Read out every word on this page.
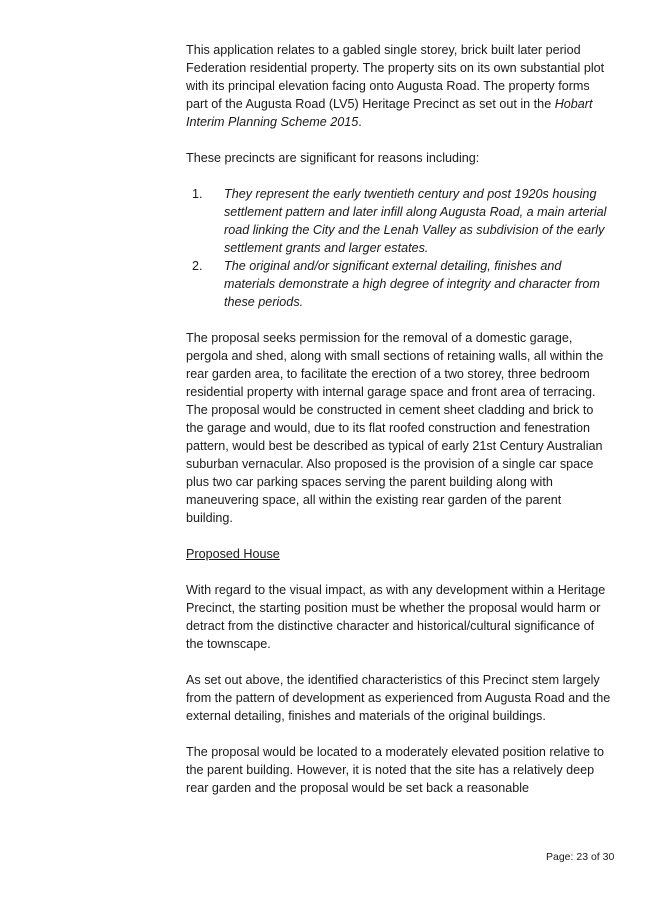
This application relates to a gabled single storey, brick built later period Federation residential property. The property sits on its own substantial plot with its principal elevation facing onto Augusta Road. The property forms part of the Augusta Road (LV5) Heritage Precinct as set out in the Hobart Interim Planning Scheme 2015.

These precincts are significant for reasons including:

1.	They represent the early twentieth century and post 1920s housing settlement pattern and later infill along Augusta Road, a main arterial road linking the City and the Lenah Valley as subdivision of the early settlement grants and larger estates.
2.	The original and/or significant external detailing, finishes and materials demonstrate a high degree of integrity and character from these periods.

The proposal seeks permission for the removal of a domestic garage, pergola and shed, along with small sections of retaining walls, all within the rear garden area, to facilitate the erection of a two storey, three bedroom residential property with internal garage space and front area of terracing. The proposal would be constructed in cement sheet cladding and brick to the garage and would, due to its flat roofed construction and fenestration pattern, would best be described as typical of early 21st Century Australian suburban vernacular. Also proposed is the provision of a single car space plus two car parking spaces serving the parent building along with maneuvering space, all within the existing rear garden of the parent building.

Proposed House

With regard to the visual impact, as with any development within a Heritage Precinct, the starting position must be whether the proposal would harm or detract from the distinctive character and historical/cultural significance of the townscape.

As set out above, the identified characteristics of this Precinct stem largely from the pattern of development as experienced from Augusta Road and the external detailing, finishes and materials of the original buildings.

The proposal would be located to a moderately elevated position relative to the parent building. However, it is noted that the site has a relatively deep rear garden and the proposal would be set back a reasonable

Page: 23 of 30
